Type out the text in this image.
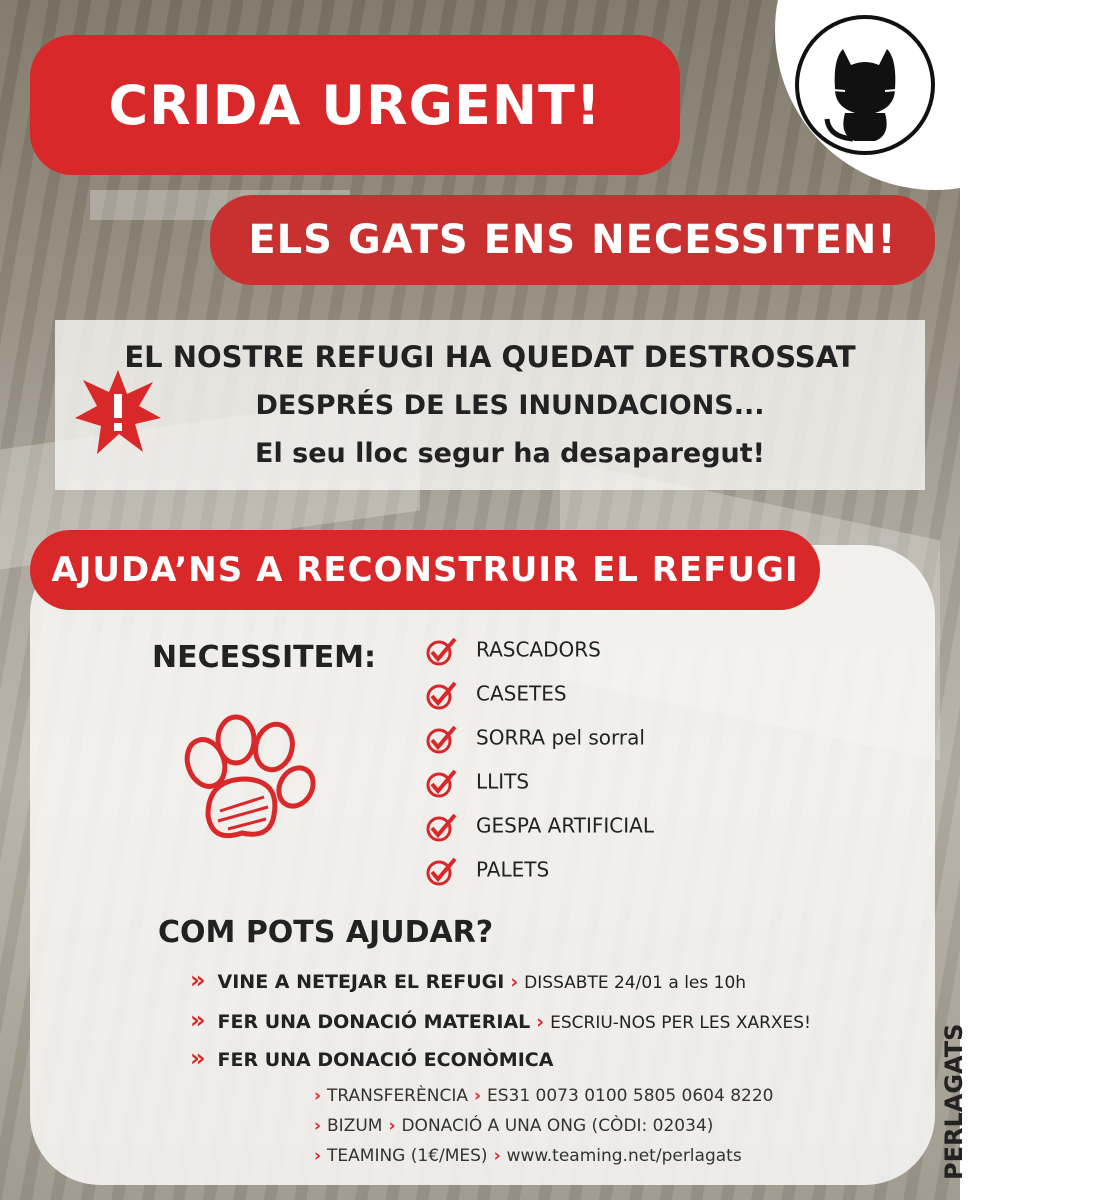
CRIDA URGENT!
ELS GATS ENS NECESSITEN!
EL NOSTRE REFUGI HA QUEDAT DESTROSSAT
DESPRÉS DE LES INUNDACIONS...
El seu lloc segur ha desaparegut!
AJUDA’NS A RECONSTRUIR EL REFUGI
NECESSITEM:	RASCADORS
CASETES
SORRA pel sorral
LLITS
GESPA ARTIFICIAL
PALETS
COM POTS AJUDAR?
» VINE A NETEJAR EL REFUGI › DISSABTE 24/01 a les 10h
» FER UNA DONACIÓ MATERIAL › ESCRIU-NOS PER LES XARXES!
» FER UNA DONACIÓ ECONÒMICA
› TRANSFERÈNCIA › ES31 0073 0100 5805 0604 8220
› BIZUM › DONACIÓ A UNA ONG (CÒDI: 02034)
› TEAMING (1€/MES) › www.teaming.net/perlagats	PERLAGATS
